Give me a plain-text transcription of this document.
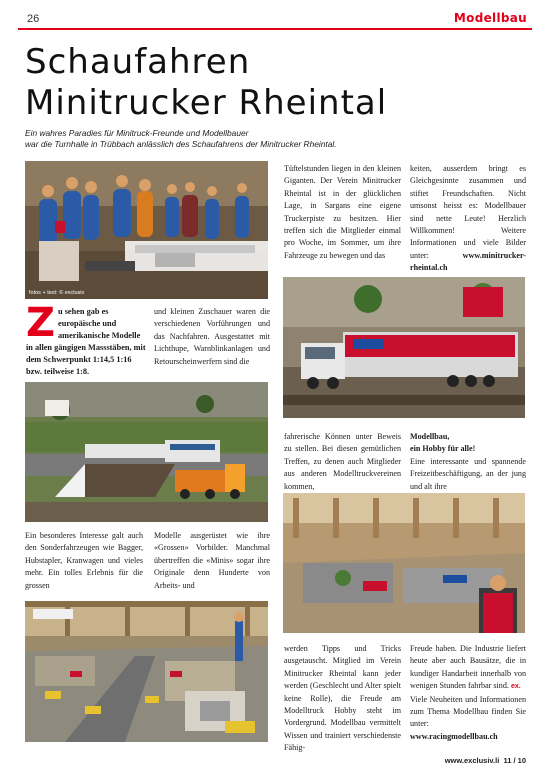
26	Modellbau
Schaufahren
Minitrucker Rheintal
Ein wahres Paradies für Minitruck-Freunde und Modellbauer
war die Turnhalle in Trübbach anlässlich des Schaufahrens der Minitrucker Rheintal.
fotos + text: © exclusiv
Zu sehen gab es europäische und amerikanische Modelle in allen gängigen Massstäben, mit dem Schwerpunkt 1:14,5 1:16 bzw. teilweise 1:8.
und kleinen Zuschauer waren die verschiedenen Vorführungen und das Nachfahren. Ausgestattet mit Lichthupe, Warnblinkanlagen und Retourscheinwerfern sind die
Tüftelstunden liegen in den kleinen Giganten. Der Verein Minitrucker Rheintal ist in der glücklichen Lage, in Sargans eine eigene Truckerpiste zu besitzen. Hier treffen sich die Mitglieder einmal pro Woche, im Sommer, um ihre Fahrzeuge zu bewegen und das
keiten, ausserdem bringt es Gleichgesinnte zusammen und stiftet Freundschaften. Nicht umsonst heisst es: Modellbauer sind nette Leute! Herzlich Willkommen! Weitere Informationen und viele Bilder unter:	www.minitrucker-rheintal.ch
fahrerische Können unter Beweis zu stellen. Bei diesen gemütlichen Treffen, zu denen auch Mitglieder aus anderen Modelltruckvereinen kommen,
Modellbau,
ein Hobby für alle!
Eine interessante und spannende Freizeitbeschäftigung, an der jung und alt ihre
Ein besonderes Interesse galt auch den Sonderfahrzeugen wie Bagger, Hubstapler, Kranwagen und vieles mehr. Ein tolles Erlebnis für die grossen
Modelle ausgerüstet wie ihre «Grossen» Vorbilder. Manchmal übertreffen die «Minis» sogar ihre Originale denn Hunderte von Arbeits- und
werden Tipps und Tricks ausgetauscht. Mitglied im Verein Minitrucker Rheintal kann jeder werden (Geschlecht und Alter spielt keine Rolle), die Freude am Modelltruck Hobby steht im Vordergrund. Modellbau vermittelt Wissen und trainiert verschiedenste Fähig-
Freude haben. Die Industrie liefert heute aber auch Bausätze, die in kundiger Handarbeit innerhalb von wenigen Stunden fahrbar sind. ex.
Viele Neuheiten und Informationen zum Thema Modellbau finden Sie unter:
www.racingmodellbau.ch
www.exclusiv.li 11 / 10
